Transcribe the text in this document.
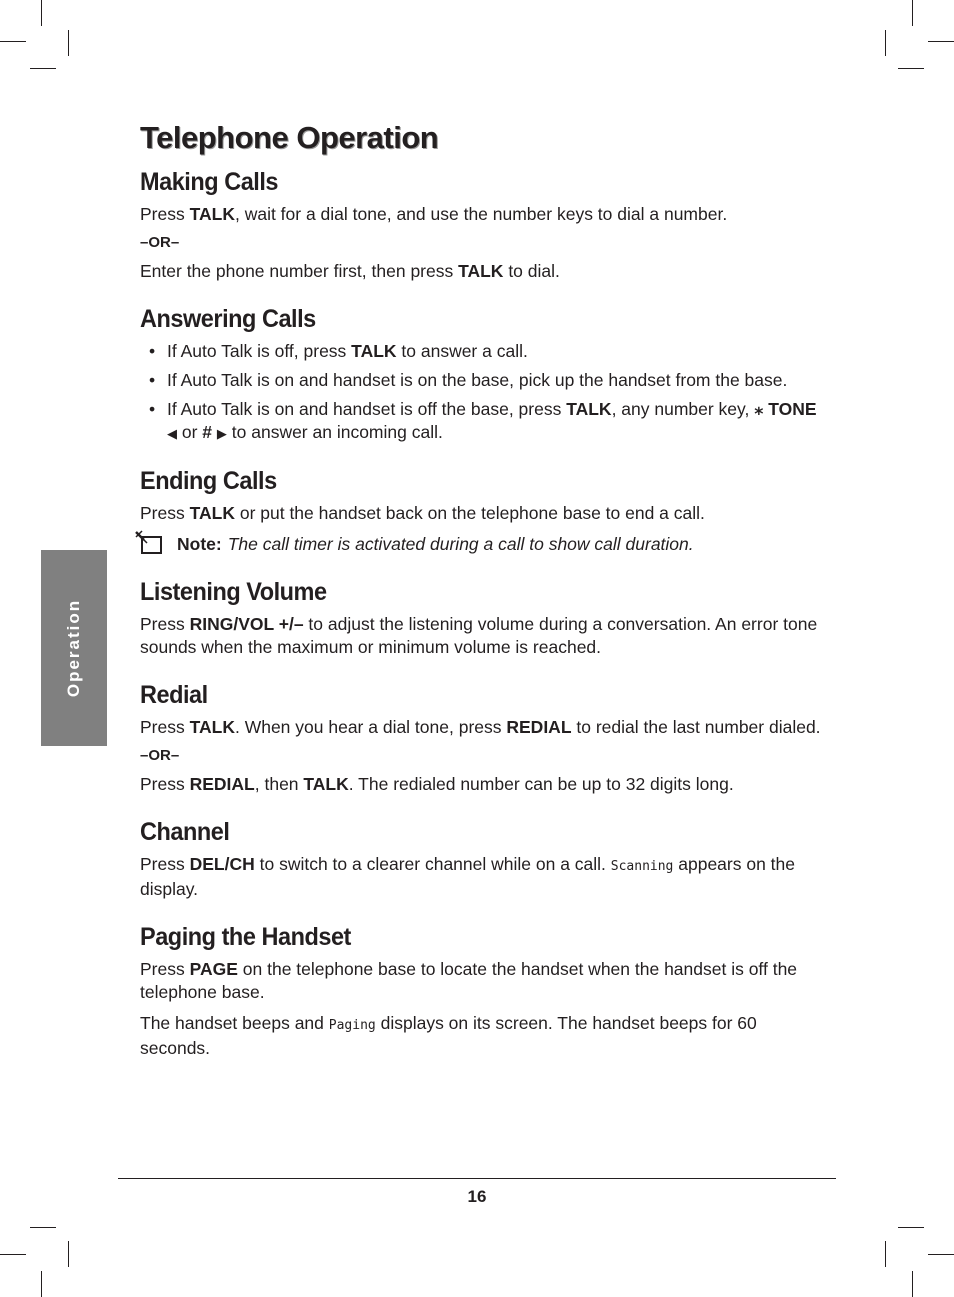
Operation
Telephone Operation
Making Calls

Press TALK, wait for a dial tone, and use the number keys to dial a number.

–OR–

Enter the phone number first, then press TALK to dial.

Answering Calls
• If Auto Talk is off, press TALK to answer a call.
• If Auto Talk is on and handset is on the base, pick up the handset from the base.
• If Auto Talk is on and handset is off the base, press TALK, any number key, ⁎ TONE ◀ or # ▶ to answer an incoming call.
Ending Calls

Press TALK or put the handset back on the telephone base to end a call.

Note: The call timer is activated during a call to show call duration.
Listening Volume

Press RING/VOL +/– to adjust the listening volume during a conversation. An error tone sounds when the maximum or minimum volume is reached.

Redial

Press TALK. When you hear a dial tone, press REDIAL to redial the last number dialed.

–OR–

Press REDIAL, then TALK. The redialed number can be up to 32 digits long.

Channel

Press DEL/CH to switch to a clearer channel while on a call. Scanning appears on the display.

Paging the Handset

Press PAGE on the telephone base to locate the handset when the handset is off the telephone base.

The handset beeps and Paging displays on its screen. The handset beeps for 60 seconds.

16
